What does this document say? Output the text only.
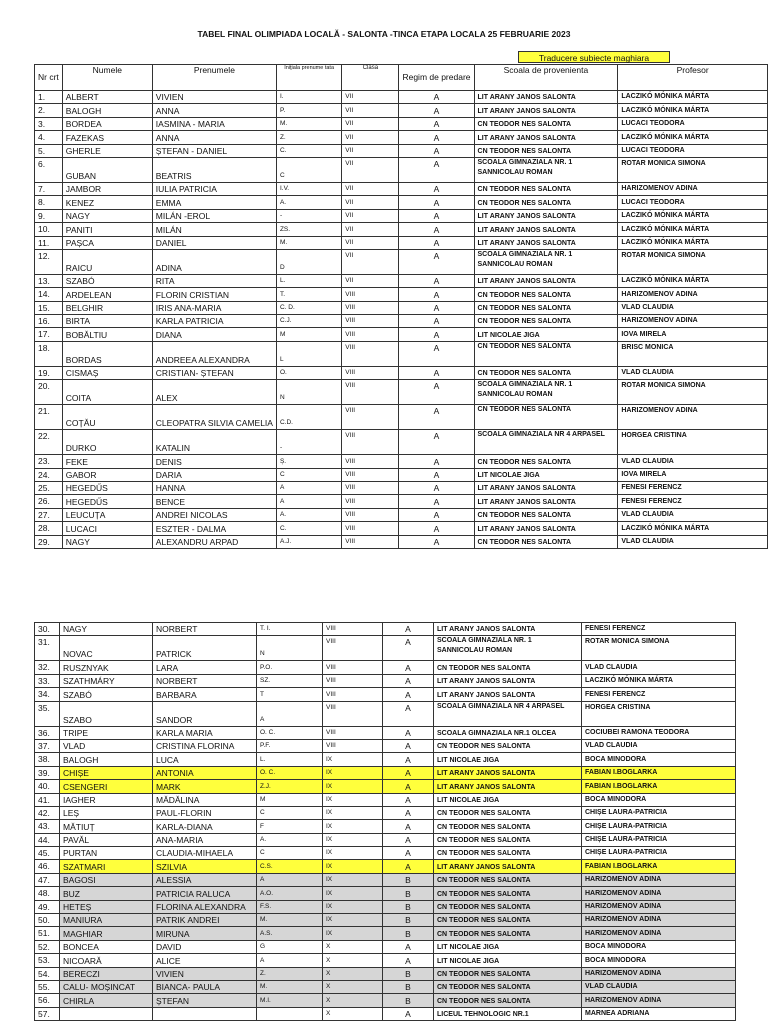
TABEL FINAL OLIMPIADA LOCALĂ - SALONTA -TINCA ETAPA LOCALA 25 FEBRUARIE 2023
Traducere subiecte maghiara
Nr crt	Numele	Prenumele	Iniţiala prenume tata	Clasa	Regim de predare	Scoala de provenienta	Profesor
1.	ALBERT	VIVIEN	I.	VII	A	LIT ARANY JANOS SALONTA	LACZIKÓ MÓNIKA MÁRTA
2.	BALOGH	ANNA	P.	VII	A	LIT ARANY JANOS SALONTA	LACZIKÓ MÓNIKA MÁRTA
3.	BORDEA	IASMINA - MARIA	M.	VII	A	CN TEODOR NES SALONTA	LUCACI TEODORA
4.	FAZEKAS	ANNA	Z.	VII	A	LIT ARANY JANOS SALONTA	LACZIKÓ MÓNIKA MÁRTA
5.	GHERLE	ȘTEFAN - DANIEL	C.	VII	A	CN TEODOR NES SALONTA	LUCACI TEODORA
6.	GUBAN	BEATRIS	C	VII	A	SCOALA GIMNAZIALA NR. 1 SANNICOLAU ROMAN	ROTAR MONICA SIMONA
7.	JAMBOR	IULIA PATRICIA	I.V.	VII	A	CN TEODOR NES SALONTA	HARIZOMENOV ADINA
8.	KENEZ	EMMA	A.	VII	A	CN TEODOR NES SALONTA	LUCACI TEODORA
9.	NAGY	MILÁN -EROL	-	VII	A	LIT ARANY JANOS SALONTA	LACZIKÓ MÓNIKA MÁRTA
10.	PANITI	MILÁN	ZS.	VII	A	LIT ARANY JANOS SALONTA	LACZIKÓ MÓNIKA MÁRTA
11.	PAȘCA	DANIEL	M.	VII	A	LIT ARANY JANOS SALONTA	LACZIKÓ MÓNIKA MÁRTA
12.	RAICU	ADINA	D	VII	A	SCOALA GIMNAZIALA NR. 1 SANNICOLAU ROMAN	ROTAR MONICA SIMONA
13.	SZABÓ	RITA	L.	VII	A	LIT ARANY JANOS SALONTA	LACZIKÓ MÓNIKA MÁRTA
14.	ARDELEAN	FLORIN CRISTIAN	T.	VIII	A	CN TEODOR NES SALONTA	HARIZOMENOV ADINA
15.	BELGHIR	IRIS ANA-MARIA	C. D.	VIII	A	CN TEODOR NES SALONTA	VLAD CLAUDIA
16.	BIRTA	KARLA PATRICIA	C.J.	VIII	A	CN TEODOR NES SALONTA	HARIZOMENOV ADINA
17.	BOBĂLTIU	DIANA	M	VIII	A	LIT NICOLAE JIGA	IOVA MIRELA
18.	BORDAS	ANDREEA ALEXANDRA	L	VIII	A	CN TEODOR NES SALONTA	BRISC MONICA
19.	CISMAȘ	CRISTIAN- ȘTEFAN	O.	VIII	A	CN TEODOR NES SALONTA	VLAD CLAUDIA
20.	COITA	ALEX	N	VIII	A	SCOALA GIMNAZIALA NR. 1 SANNICOLAU ROMAN	ROTAR MONICA SIMONA
21.	COȚĂU	CLEOPATRA SILVIA CAMELIA	C.D.	VIII	A	CN TEODOR NES SALONTA	HARIZOMENOV ADINA
22.	DURKO	KATALIN	-	VIII	A	SCOALA GIMNAZIALA NR 4 ARPASEL	HORGEA CRISTINA
23.	FEKE	DENIS	Ș.	VIII	A	CN TEODOR NES SALONTA	VLAD CLAUDIA
24.	GABOR	DARIA	C	VIII	A	LIT NICOLAE JIGA	IOVA MIRELA
25.	HEGEDŰS	HANNA	A	VIII	A	LIT ARANY JANOS SALONTA	FENESI FERENCZ
26.	HEGEDŰS	BENCE	A	VIII	A	LIT ARANY JANOS SALONTA	FENESI FERENCZ
27.	LEUCUȚA	ANDREI NICOLAS	A.	VIII	A	CN TEODOR NES SALONTA	VLAD CLAUDIA
28.	LUCACI	ESZTER - DALMA	C.	VIII	A	LIT ARANY JANOS SALONTA	LACZIKÓ MÓNIKA MÁRTA
29.	NAGY	ALEXANDRU ARPAD	A.J.	VIII	A	CN TEODOR NES SALONTA	VLAD CLAUDIA
30.	NAGY	NORBERT	T. I.	VIII	A	LIT ARANY JANOS SALONTA	FENESI FERENCZ
31.	NOVAC	PATRICK	N	VIII	A	SCOALA GIMNAZIALA NR. 1 SANNICOLAU ROMAN	ROTAR MONICA SIMONA
32.	RUSZNYAK	LARA	P.O.	VIII	A	CN TEODOR NES SALONTA	VLAD CLAUDIA
33.	SZATHMÁRY	NORBERT	SZ.	VIII	A	LIT ARANY JANOS SALONTA	LACZIKÓ MÓNIKA MÁRTA
34.	SZABÓ	BARBARA	T	VIII	A	LIT ARANY JANOS SALONTA	FENESI FERENCZ
35.	SZABO	SANDOR	A	VIII	A	SCOALA GIMNAZIALA NR 4 ARPASEL	HORGEA CRISTINA
36.	TRIPE	KARLA MARIA	O. C.	VIII	A	SCOALA GIMNAZIALA NR.1 OLCEA	COCIUBEI RAMONA TEODORA
37.	VLAD	CRISTINA FLORINA	P.F.	VIII	A	CN TEODOR NES SALONTA	VLAD CLAUDIA
38.	BALOGH	LUCA	L.	IX	A	LIT NICOLAE JIGA	BOCA MINODORA
39.	CHIȘE	ANTONIA	O. C.	IX	A	LIT ARANY JANOS SALONTA	FABIAN I.BOGLARKA
40.	CSENGERI	MARK	Z.J.	IX	A	LIT ARANY JANOS SALONTA	FABIAN I.BOGLARKA
41.	IAGHER	MĂDĂLINA	M	IX	A	LIT NICOLAE JIGA	BOCA MINODORA
42.	LEȘ	PAUL-FLORIN	C	IX	A	CN TEODOR NES SALONTA	CHIȘE LAURA-PATRICIA
43.	MĂTIUȚ	KARLA-DIANA	F	IX	A	CN TEODOR NES SALONTA	CHIȘE LAURA-PATRICIA
44.	PAVĂL	ANA-MARIA	A.	IX	A	CN TEODOR NES SALONTA	CHIȘE LAURA-PATRICIA
45.	PURTAN	CLAUDIA-MIHAELA	C	IX	A	CN TEODOR NES SALONTA	CHIȘE LAURA-PATRICIA
46.	SZATMARI	SZILVIA	C.S.	IX	A	LIT ARANY JANOS SALONTA	FABIAN I.BOGLARKA
47.	BAGOSI	ALESSIA	A	IX	B	CN TEODOR NES SALONTA	HARIZOMENOV ADINA
48.	BUZ	PATRICIA RALUCA	A.O.	IX	B	CN TEODOR NES SALONTA	HARIZOMENOV ADINA
49.	HETEȘ	FLORINA ALEXANDRA	F.S.	IX	B	CN TEODOR NES SALONTA	HARIZOMENOV ADINA
50.	MANIURA	PATRIK ANDREI	M.	IX	B	CN TEODOR NES SALONTA	HARIZOMENOV ADINA
51.	MAGHIAR	MIRUNA	A.S.	IX	B	CN TEODOR NES SALONTA	HARIZOMENOV ADINA
52.	BONCEA	DAVID	G	X	A	LIT NICOLAE JIGA	BOCA MINODORA
53.	NICOARĂ	ALICE	A	X	A	LIT NICOLAE JIGA	BOCA MINODORA
54.	BERECZI	VIVIEN	Z.	X	B	CN TEODOR NES SALONTA	HARIZOMENOV ADINA
55.	CALU- MOȘINCAT	BIANCA- PAULA	M.	X	B	CN TEODOR NES SALONTA	VLAD CLAUDIA
56.	CHIRLA	ȘTEFAN	M.I.	X	B	CN TEODOR NES SALONTA	HARIZOMENOV ADINA
57.				X	A	LICEUL TEHNOLOGIC NR.1	MARNEA ADRIANA
